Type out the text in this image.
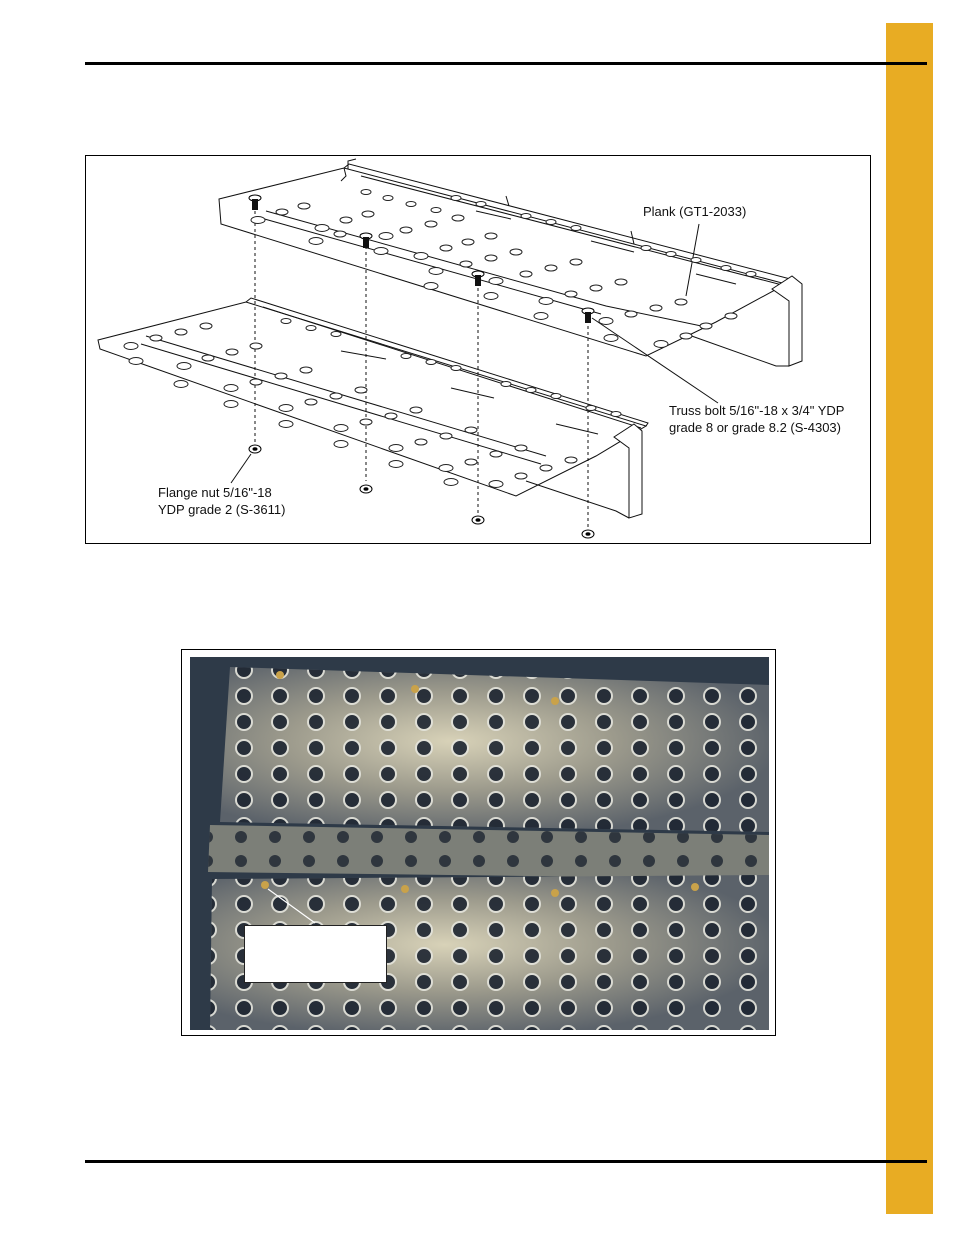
Plank (GT1-2033)
Truss bolt 5/16"-18 x 3/4" YDP
grade 8 or grade 8.2 (S-4303)
Flange nut 5/16"-18
YDP grade 2 (S-3611)
